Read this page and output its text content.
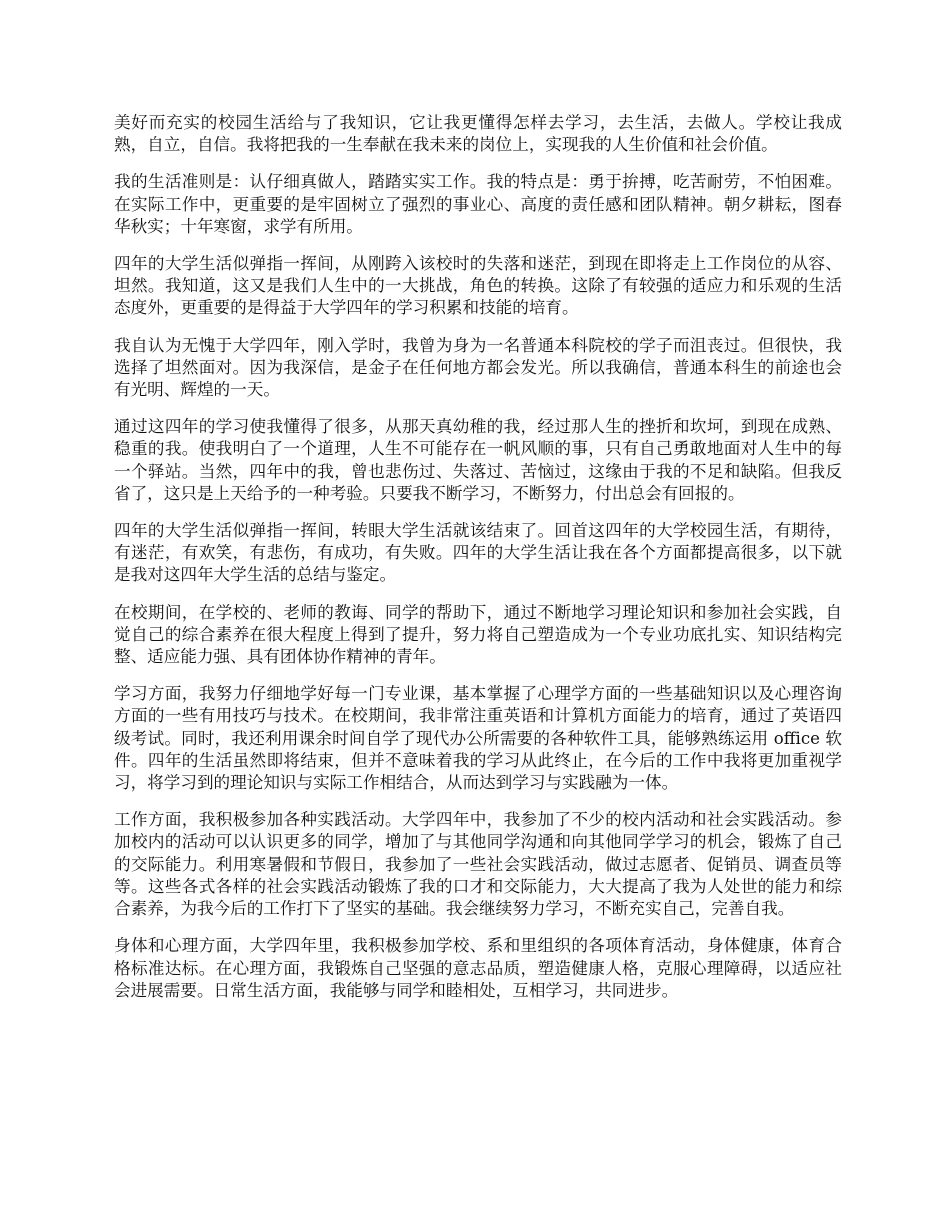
美好而充实的校园生活给与了我知识，它让我更懂得怎样去学习，去生活，去做人。学校让我成熟，自立，自信。我将把我的一生奉献在我未来的岗位上，实现我的人生价值和社会价值。

我的生活准则是：认仔细真做人，踏踏实实工作。我的特点是：勇于拚搏，吃苦耐劳，不怕困难。在实际工作中，更重要的是牢固树立了强烈的事业心、高度的责任感和团队精神。朝夕耕耘，图春华秋实；十年寒窗，求学有所用。

四年的大学生活似弹指一挥间，从刚跨入该校时的失落和迷茫，到现在即将走上工作岗位的从容、坦然。我知道，这又是我们人生中的一大挑战，角色的转换。这除了有较强的适应力和乐观的生活态度外，更重要的是得益于大学四年的学习积累和技能的培育。

我自认为无愧于大学四年，刚入学时，我曾为身为一名普通本科院校的学子而沮丧过。但很快，我选择了坦然面对。因为我深信，是金子在任何地方都会发光。所以我确信，普通本科生的前途也会有光明、辉煌的一天。

通过这四年的学习使我懂得了很多，从那天真幼稚的我，经过那人生的挫折和坎坷，到现在成熟、稳重的我。使我明白了一个道理，人生不可能存在一帆风顺的事，只有自己勇敢地面对人生中的每一个驿站。当然，四年中的我，曾也悲伤过、失落过、苦恼过，这缘由于我的不足和缺陷。但我反省了，这只是上天给予的一种考验。只要我不断学习，不断努力，付出总会有回报的。

四年的大学生活似弹指一挥间，转眼大学生活就该结束了。回首这四年的大学校园生活，有期待，有迷茫，有欢笑，有悲伤，有成功，有失败。四年的大学生活让我在各个方面都提高很多，以下就是我对这四年大学生活的总结与鉴定。

在校期间，在学校的、老师的教诲、同学的帮助下，通过不断地学习理论知识和参加社会实践，自觉自己的综合素养在很大程度上得到了提升，努力将自己塑造成为一个专业功底扎实、知识结构完整、适应能力强、具有团体协作精神的青年。

学习方面，我努力仔细地学好每一门专业课，基本掌握了心理学方面的一些基础知识以及心理咨询方面的一些有用技巧与技术。在校期间，我非常注重英语和计算机方面能力的培育，通过了英语四级考试。同时，我还利用课余时间自学了现代办公所需要的各种软件工具，能够熟练运用 office 软件。四年的生活虽然即将结束，但并不意味着我的学习从此终止，在今后的工作中我将更加重视学习，将学习到的理论知识与实际工作相结合，从而达到学习与实践融为一体。

工作方面，我积极参加各种实践活动。大学四年中，我参加了不少的校内活动和社会实践活动。参加校内的活动可以认识更多的同学，增加了与其他同学沟通和向其他同学学习的机会，锻炼了自己的交际能力。利用寒暑假和节假日，我参加了一些社会实践活动，做过志愿者、促销员、调查员等等。这些各式各样的社会实践活动锻炼了我的口才和交际能力，大大提高了我为人处世的能力和综合素养，为我今后的工作打下了坚实的基础。我会继续努力学习，不断充实自己，完善自我。

身体和心理方面，大学四年里，我积极参加学校、系和里组织的各项体育活动，身体健康，体育合格标准达标。在心理方面，我锻炼自己坚强的意志品质，塑造健康人格，克服心理障碍，以适应社会进展需要。日常生活方面，我能够与同学和睦相处，互相学习，共同进步。
